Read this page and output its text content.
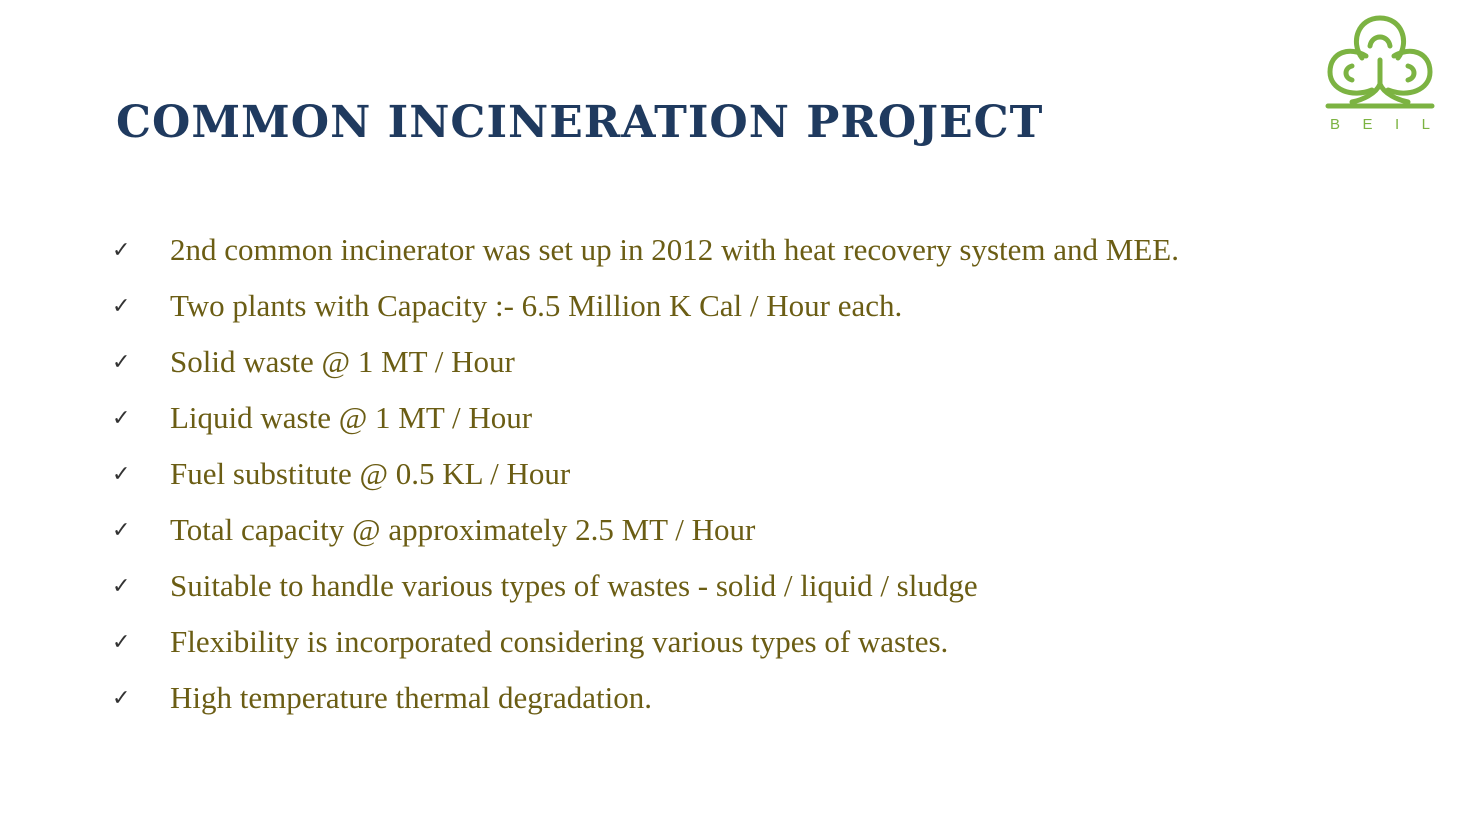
COMMON INCINERATION PROJECT	B E I L
✓	2nd common incinerator was set up in 2012 with heat recovery system and MEE.
✓	Two plants with Capacity :- 6.5 Million K Cal / Hour each.
✓	Solid waste @ 1 MT / Hour
✓	Liquid waste @ 1 MT / Hour
✓	Fuel substitute @ 0.5 KL / Hour
✓	Total capacity @ approximately 2.5 MT / Hour
✓	Suitable to handle various types of wastes - solid / liquid / sludge
✓	Flexibility is incorporated considering various types of wastes.
✓	High temperature thermal degradation.
